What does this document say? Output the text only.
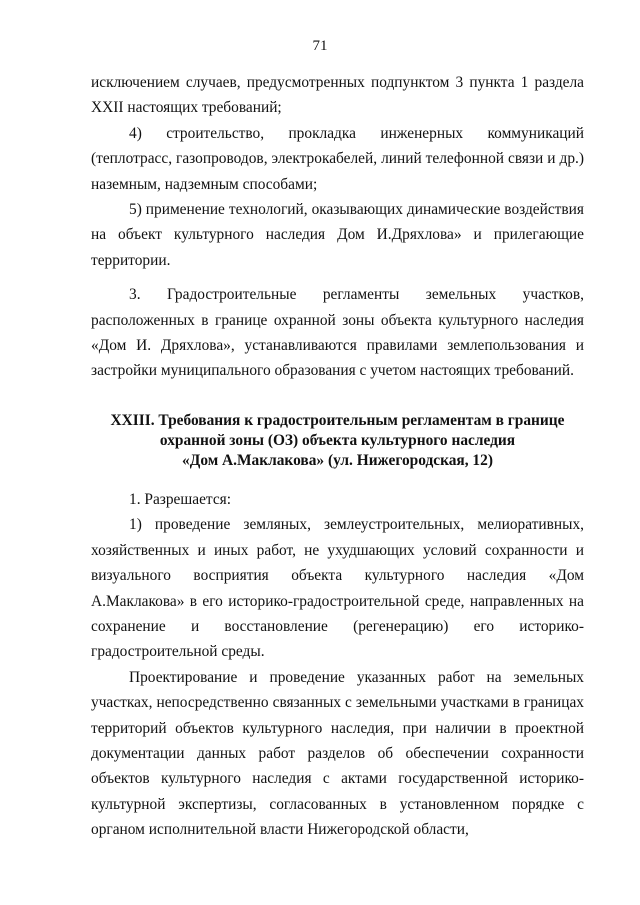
71

исключением случаев, предусмотренных подпунктом 3 пункта 1 раздела XXII настоящих требований;

4) строительство, прокладка инженерных коммуникаций (теплотрасс, газопроводов, электрокабелей, линий телефонной связи и др.) наземным, надземным способами;

5) применение технологий, оказывающих динамические воздействия на объект культурного наследия Дом И.Дряхлова» и прилегающие территории.

3. Градостроительные регламенты земельных участков, расположенных в границе охранной зоны объекта культурного наследия «Дом И. Дряхлова», устанавливаются правилами землепользования и застройки муниципального образования с учетом настоящих требований.

XXIII. Требования к градостроительным регламентам в границе
охранной зоны (ОЗ) объекта культурного наследия
«Дом А.Маклакова» (ул. Нижегородская, 12)

1. Разрешается:

1) проведение земляных, землеустроительных, мелиоративных, хозяйственных и иных работ, не ухудшающих условий сохранности и визуального восприятия объекта культурного наследия «Дом А.Маклакова» в его историко-градостроительной среде, направленных на сохранение и восстановление (регенерацию) его историко-градостроительной среды.

Проектирование и проведение указанных работ на земельных участках, непосредственно связанных с земельными участками в границах территорий объектов культурного наследия, при наличии в проектной документации данных работ разделов об обеспечении сохранности объектов культурного наследия с актами государственной историко-культурной экспертизы, согласованных в установленном порядке с органом исполнительной власти Нижегородской области,
